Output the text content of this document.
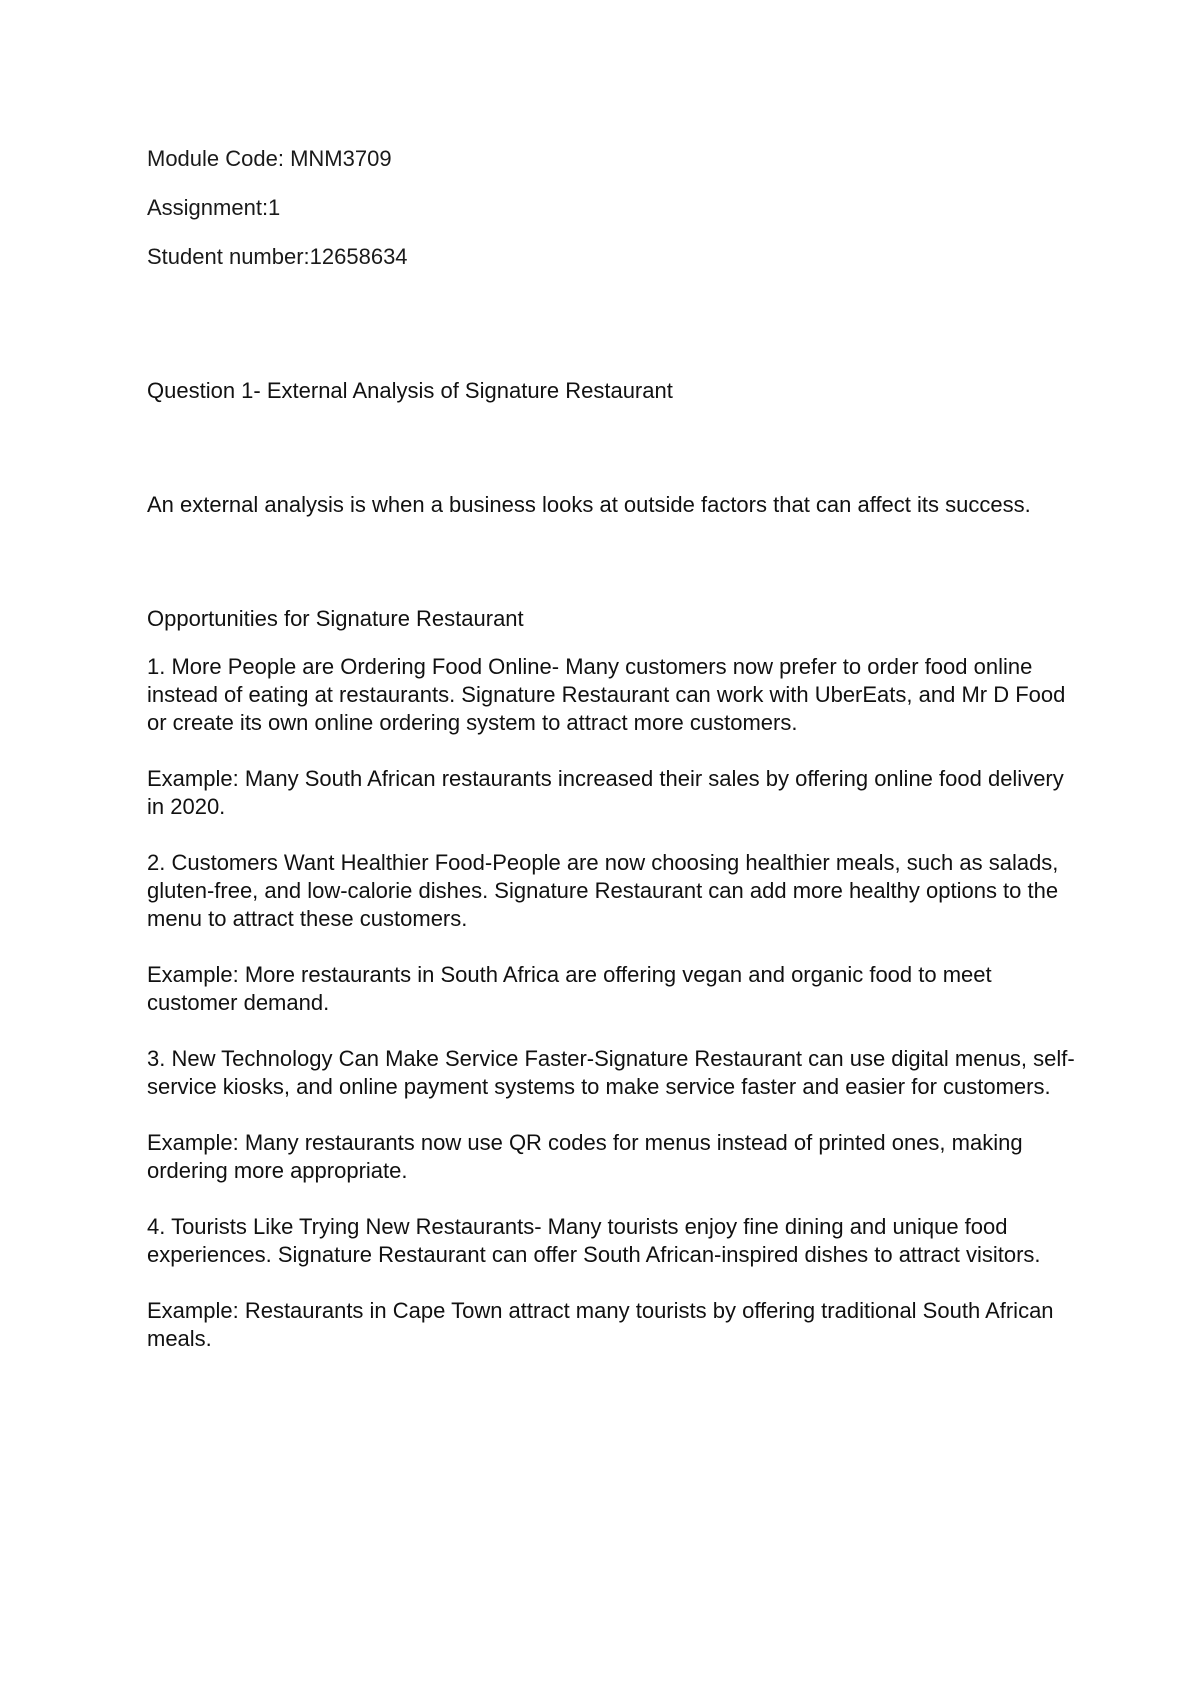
Module Code: MNM3709

Assignment:1

Student number:12658634

Question 1- External Analysis of Signature Restaurant

An external analysis is when a business looks at outside factors that can affect its success.

Opportunities for Signature Restaurant

1. More People are Ordering Food Online- Many customers now prefer to order food online instead of eating at restaurants. Signature Restaurant can work with UberEats, and Mr D Food or create its own online ordering system to attract more customers.

Example: Many South African restaurants increased their sales by offering online food delivery in 2020.

2. Customers Want Healthier Food-People are now choosing healthier meals, such as salads, gluten-free, and low-calorie dishes. Signature Restaurant can add more healthy options to the menu to attract these customers.

Example: More restaurants in South Africa are offering vegan and organic food to meet customer demand.

3. New Technology Can Make Service Faster-Signature Restaurant can use digital menus, self-service kiosks, and online payment systems to make service faster and easier for customers.

Example: Many restaurants now use QR codes for menus instead of printed ones, making ordering more appropriate.

4. Tourists Like Trying New Restaurants- Many tourists enjoy fine dining and unique food experiences. Signature Restaurant can offer South African-inspired dishes to attract visitors.

Example: Restaurants in Cape Town attract many tourists by offering traditional South African meals.
